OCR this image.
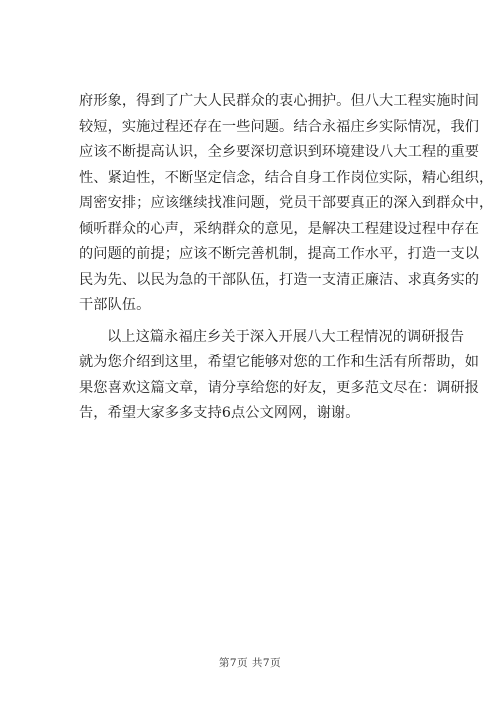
府形象，得到了广大人民群众的衷心拥护。但八大工程实施时间
较短，实施过程还存在一些问题。结合永福庄乡实际情况，我们
应该不断提高认识，全乡要深切意识到环境建设八大工程的重要
性、紧迫性，不断坚定信念，结合自身工作岗位实际，精心组织，
周密安排；应该继续找准问题，党员干部要真正的深入到群众中，
倾听群众的心声，采纳群众的意见，是解决工程建设过程中存在
的问题的前提；应该不断完善机制，提高工作水平，打造一支以
民为先、以民为急的干部队伍，打造一支清正廉洁、求真务实的
干部队伍。
以上这篇永福庄乡关于深入开展八大工程情况的调研报告
就为您介绍到这里，希望它能够对您的工作和生活有所帮助，如
果您喜欢这篇文章，请分享给您的好友，更多范文尽在：调研报
告，希望大家多多支持6点公文网网，谢谢。
第7页 共7页
